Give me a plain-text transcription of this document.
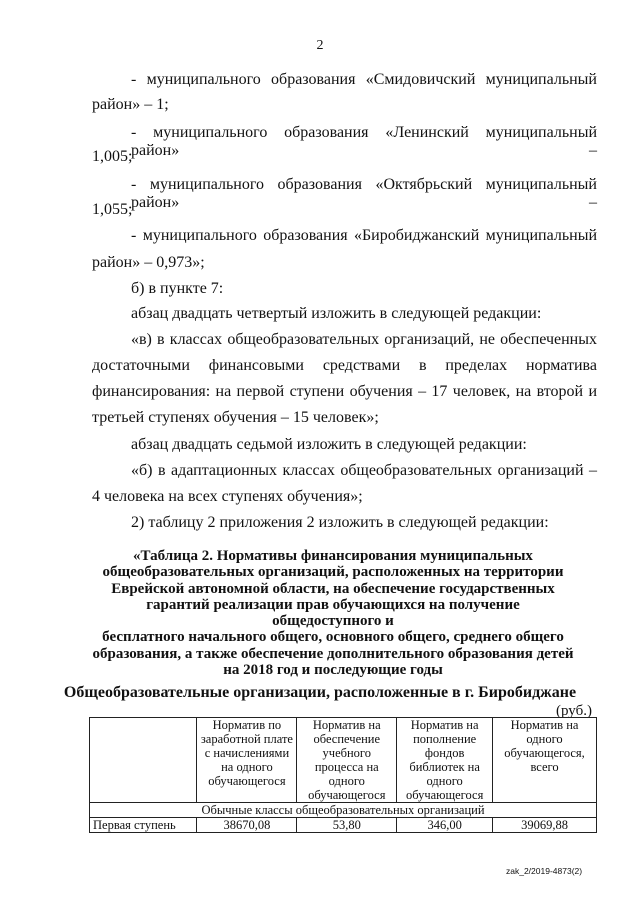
2
- муниципального образования «Смидовичский муниципальный
район» – 1;
- муниципального образования «Ленинский муниципальный район» –
1,005;
- муниципального образования «Октябрьский муниципальный район» –
1,055;
- муниципального образования «Биробиджанский муниципальный
район» – 0,973»;
б) в пункте 7:
абзац двадцать четвертый изложить в следующей редакции:
«в) в классах общеобразовательных организаций, не обеспеченных
достаточными финансовыми средствами в пределах норматива
финансирования: на первой ступени обучения – 17 человек, на второй и
третьей ступенях обучения – 15 человек»;
абзац двадцать седьмой изложить в следующей редакции:
«б) в адаптационных классах общеобразовательных организаций –
4 человека на всех ступенях обучения»;
2) таблицу 2 приложения 2 изложить в следующей редакции:
«Таблица 2. Нормативы финансирования муниципальных
общеобразовательных организаций, расположенных на территории
Еврейской автономной области, на обеспечение государственных
гарантий реализации прав обучающихся на получение общедоступного и
бесплатного начального общего, основного общего, среднего общего
образования, а также обеспечение дополнительного образования детей
на 2018 год и последующие годы
Общеобразовательные организации, расположенные в г. Биробиджане
(руб.)
	Норматив по заработной плате с начислениями на одного обучающегося	Норматив на обеспечение учебного процесса на одного обучающегося	Норматив на пополнение фондов библиотек на одного обучающегося	Норматив на одного обучающегося, всего
Обычные классы общеобразовательных организаций				
Первая ступень	38670,08	53,80	346,00	39069,88
zak_2/2019-4873(2)
